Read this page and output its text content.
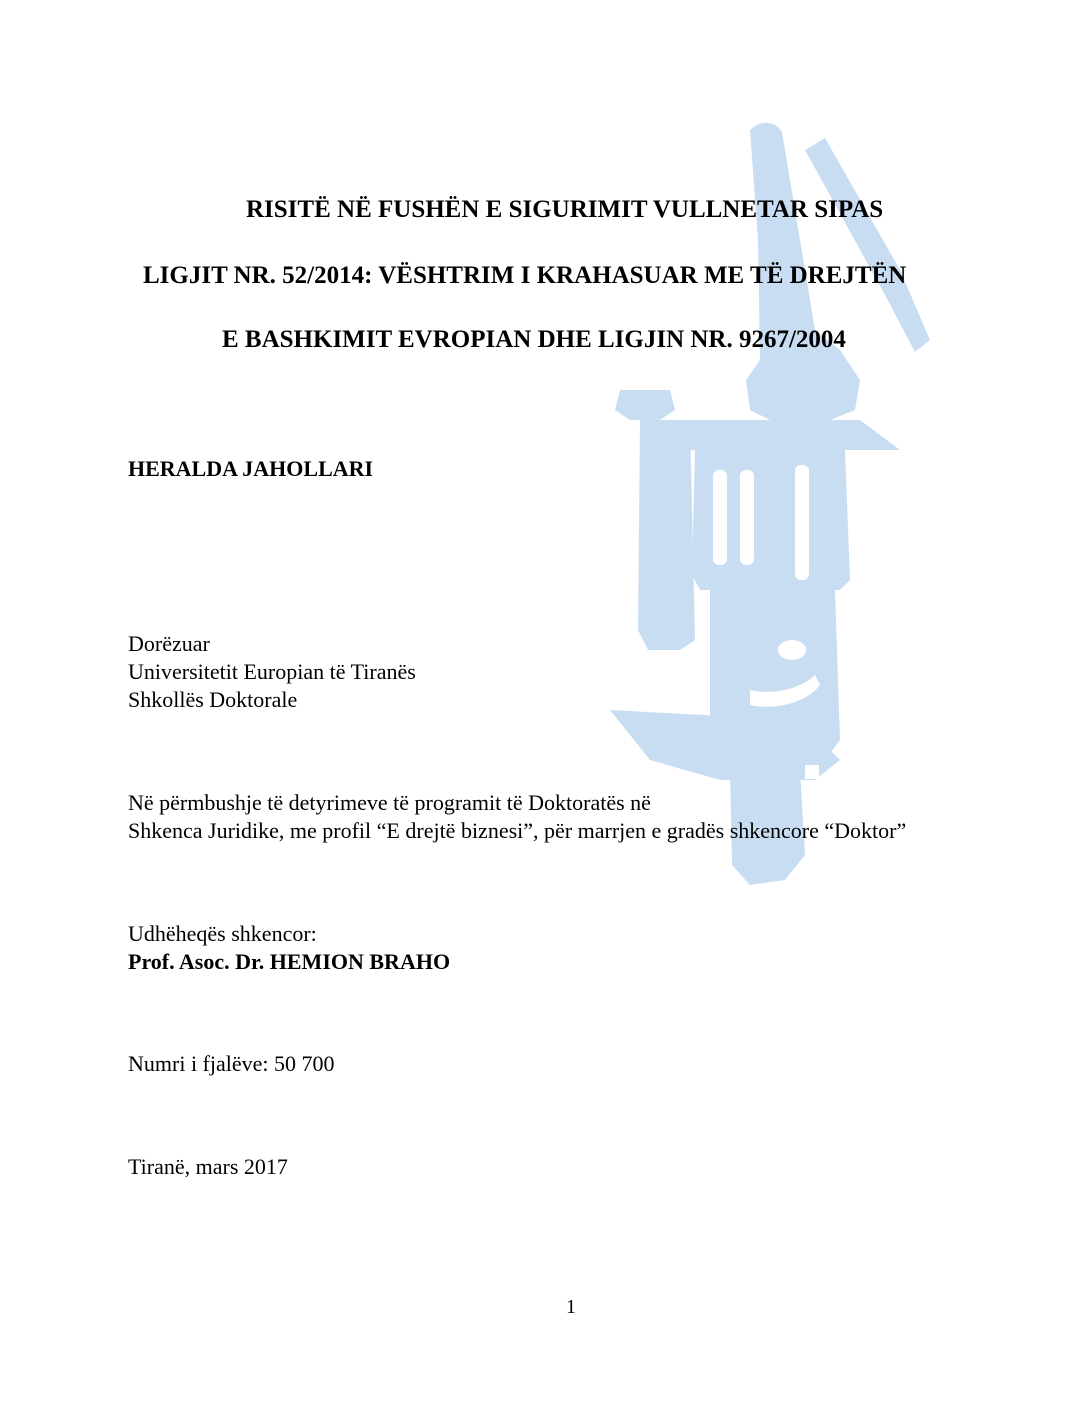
RISITË NË FUSHËN E SIGURIMIT VULLNETAR SIPAS
LIGJIT NR. 52/2014: VËSHTRIM I KRAHASUAR ME TË DREJTËN
E BASHKIMIT EVROPIAN DHE LIGJIN NR. 9267/2004
HERALDA JAHOLLARI
Dorëzuar
Universitetit Europian të Tiranës
Shkollës Doktorale
Në përmbushje të detyrimeve të programit të Doktoratës në
Shkenca Juridike, me profil “E drejtë biznesi”, për marrjen e gradës shkencore “Doktor”
Udhëheqës shkencor:
Prof. Asoc. Dr. HEMION BRAHO
Numri i fjalëve: 50 700
Tiranë, mars 2017
1
